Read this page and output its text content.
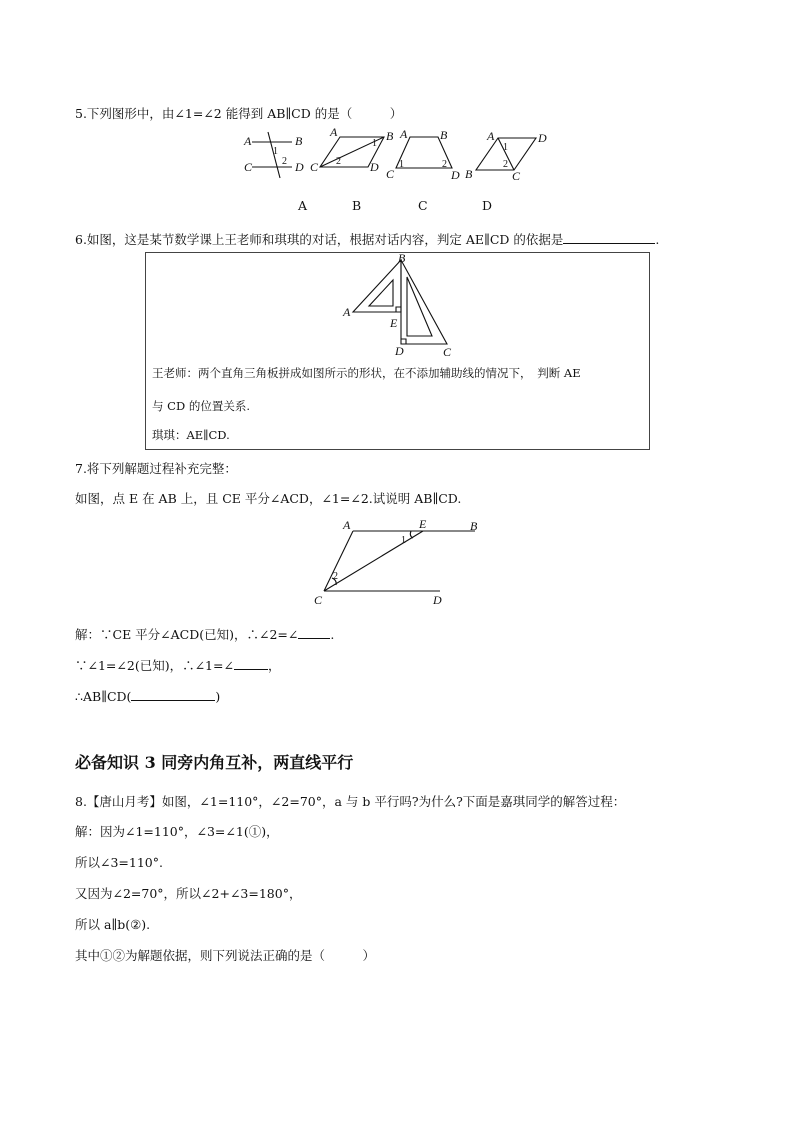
5.下列图形中，由∠1=∠2 能得到 AB∥CD 的是（　　　）
A	B
C	D
1
2
A	B
C	D
1
2
A	B
C	D
1	2
A	D
B	C
1
2
A	B	C	D
6.如图，这是某节数学课上王老师和琪琪的对话，根据对话内容，判定 AE∥CD 的依据是	.
B
A
E
D	C
王老师：两个直角三角板拼成如图所示的形状，在不添加辅助线的情况下，　判断 AE
与 CD 的位置关系.
琪琪：AE∥CD.
7.将下列解题过程补充完整：
如图，点 E 在 AB 上，且 CE 平分∠ACD，∠1=∠2.试说明 AB∥CD.
A	E	B
C	D
1
2
解：∵CE 平分∠ACD(已知)，∴∠2=∠	.
∵∠1=∠2(已知)，∴∠1=∠	，
∴AB∥CD(	)
必备知识 3 同旁内角互补，两直线平行
8.【唐山月考】如图，∠1=110°，∠2=70°，a 与 b 平行吗?为什么?下面是嘉琪同学的解答过程：
解：因为∠1=110°，∠3=∠1(①)，
所以∠3=110°.
又因为∠2=70°，所以∠2+∠3=180°，
所以 a∥b(②).
其中①②为解题依据，则下列说法正确的是（　　　）
